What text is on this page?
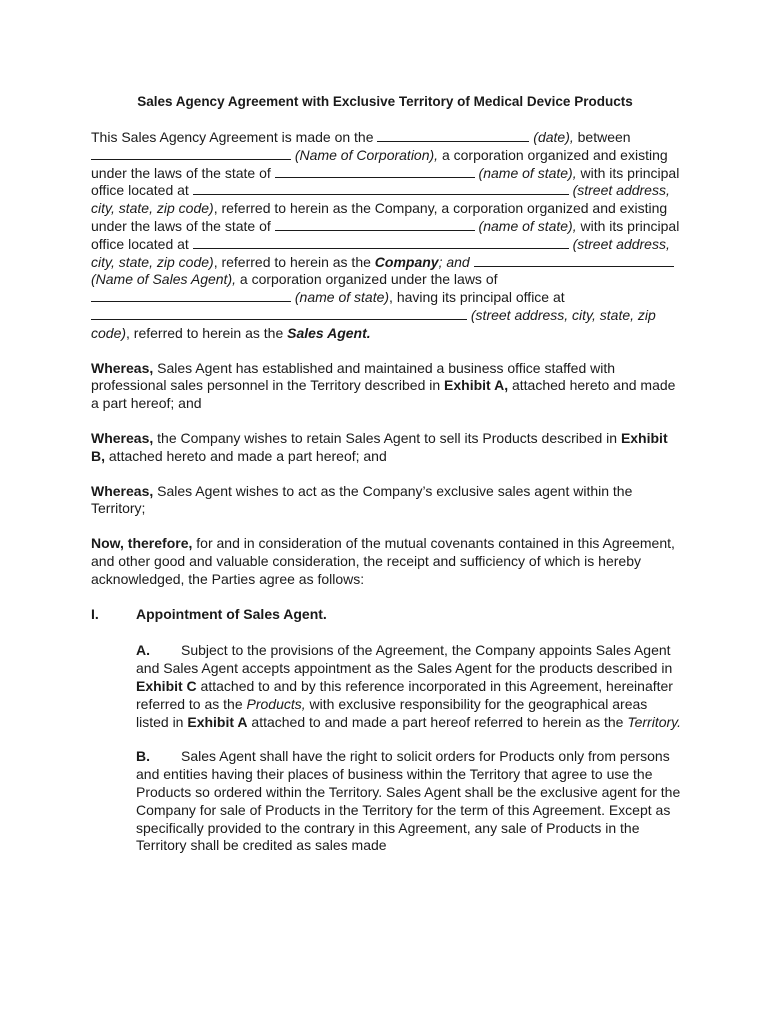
Sales Agency Agreement with Exclusive Territory of Medical Device Products

This Sales Agency Agreement is made on the	(date), between  (Name of Corporation), a corporation organized and existing under the laws of the state of	(name of state), with its principal office located at	(street address, city, state, zip code), referred to herein as the Company, a corporation organized and existing under the laws of the state of	(name of state), with its principal office located at	(street address, city, state, zip code), referred to herein as the Company; and  (Name of Sales Agent), a corporation organized under the laws of  (name of state), having its principal office at  (street address, city, state, zip code), referred to herein as the Sales Agent.

Whereas, Sales Agent has established and maintained a business office staffed with professional sales personnel in the Territory described in Exhibit A, attached hereto and made a part hereof; and

Whereas, the Company wishes to retain Sales Agent to sell its Products described in Exhibit B, attached hereto and made a part hereof; and

Whereas, Sales Agent wishes to act as the Company’s exclusive sales agent within the Territory;

Now, therefore, for and in consideration of the mutual covenants contained in this Agreement, and other good and valuable consideration, the receipt and sufficiency of which is hereby acknowledged, the Parties agree as follows:

I.	Appointment of Sales Agent.

A. Subject to the provisions of the Agreement, the Company appoints Sales Agent and Sales Agent accepts appointment as the Sales Agent for the products described in Exhibit C attached to and by this reference incorporated in this Agreement, hereinafter referred to as the Products, with exclusive responsibility for the geographical areas listed in Exhibit A attached to and made a part hereof referred to herein as the Territory.

B. Sales Agent shall have the right to solicit orders for Products only from persons and entities having their places of business within the Territory that agree to use the Products so ordered within the Territory. Sales Agent shall be the exclusive agent for the Company for sale of Products in the Territory for the term of this Agreement. Except as specifically provided to the contrary in this Agreement, any sale of Products in the Territory shall be credited as sales made
